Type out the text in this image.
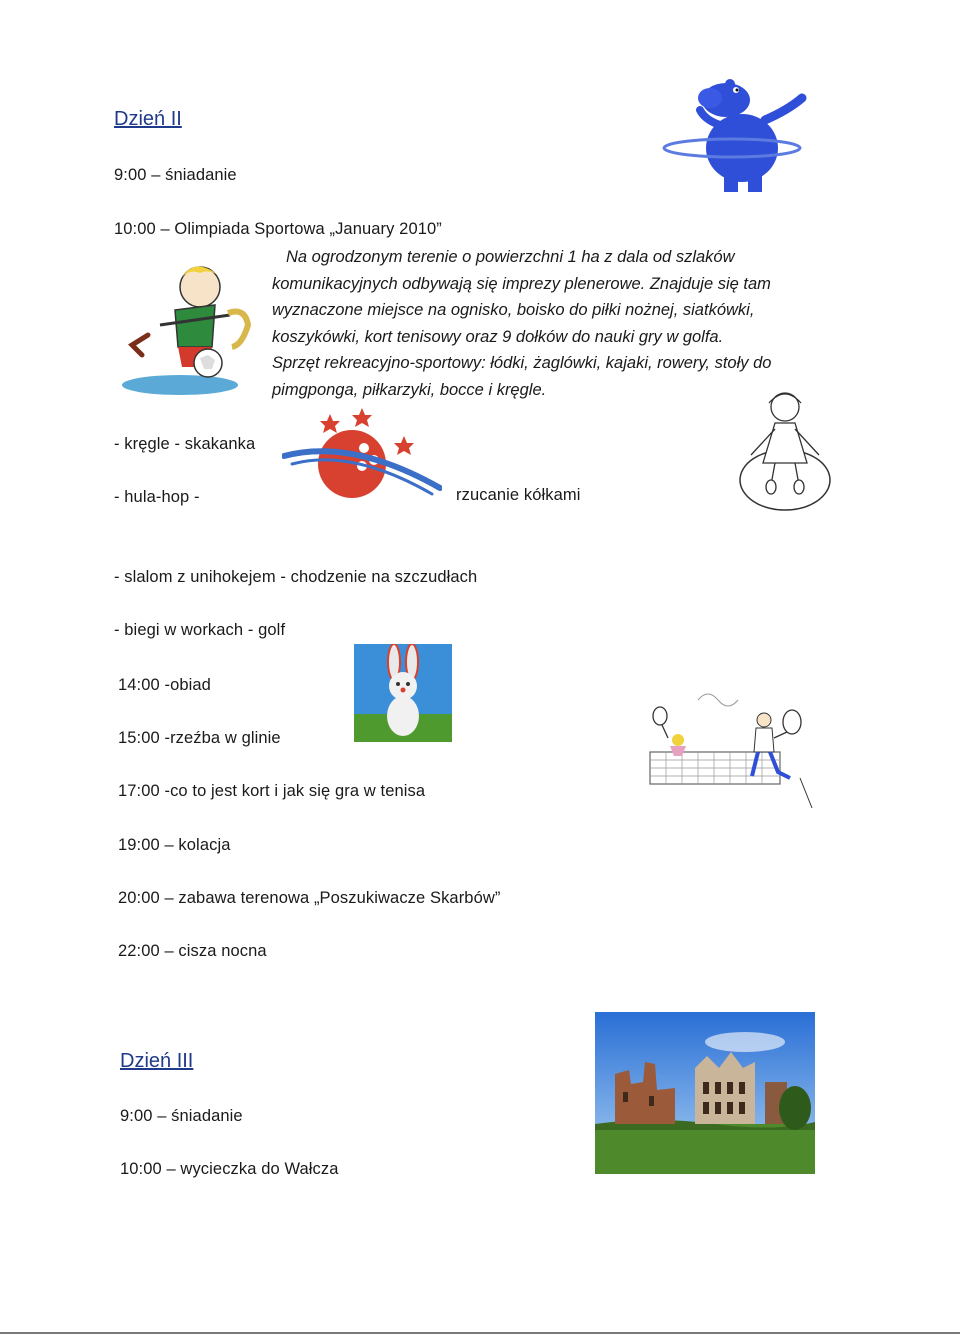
Dzień II
9:00 – śniadanie
10:00 – Olimpiada Sportowa „January 2010”
Na ogrodzonym terenie o powierzchni 1 ha z dala od szlaków
komunikacyjnych odbywają się imprezy plenerowe. Znajduje się tam
wyznaczone miejsce na ognisko, boisko do piłki nożnej, siatkówki,
koszykówki, kort tenisowy oraz 9 dołków do nauki gry w golfa.
Sprzęt rekreacyjno-sportowy: łódki, żaglówki, kajaki, rowery, stoły do
pimgponga, piłkarzyki, bocce i kręgle.
- kręgle - skakanka
- hula-hop -	rzucanie kółkami
- slalom z unihokejem - chodzenie na szczudłach
- biegi w workach - golf
14:00 -obiad
15:00 -rzeźba w glinie
17:00 -co to jest kort i jak się gra w tenisa
19:00 – kolacja
20:00 – zabawa terenowa „Poszukiwacze Skarbów”
22:00 – cisza nocna
Dzień III
9:00 – śniadanie
10:00 – wycieczka do Wałcza
